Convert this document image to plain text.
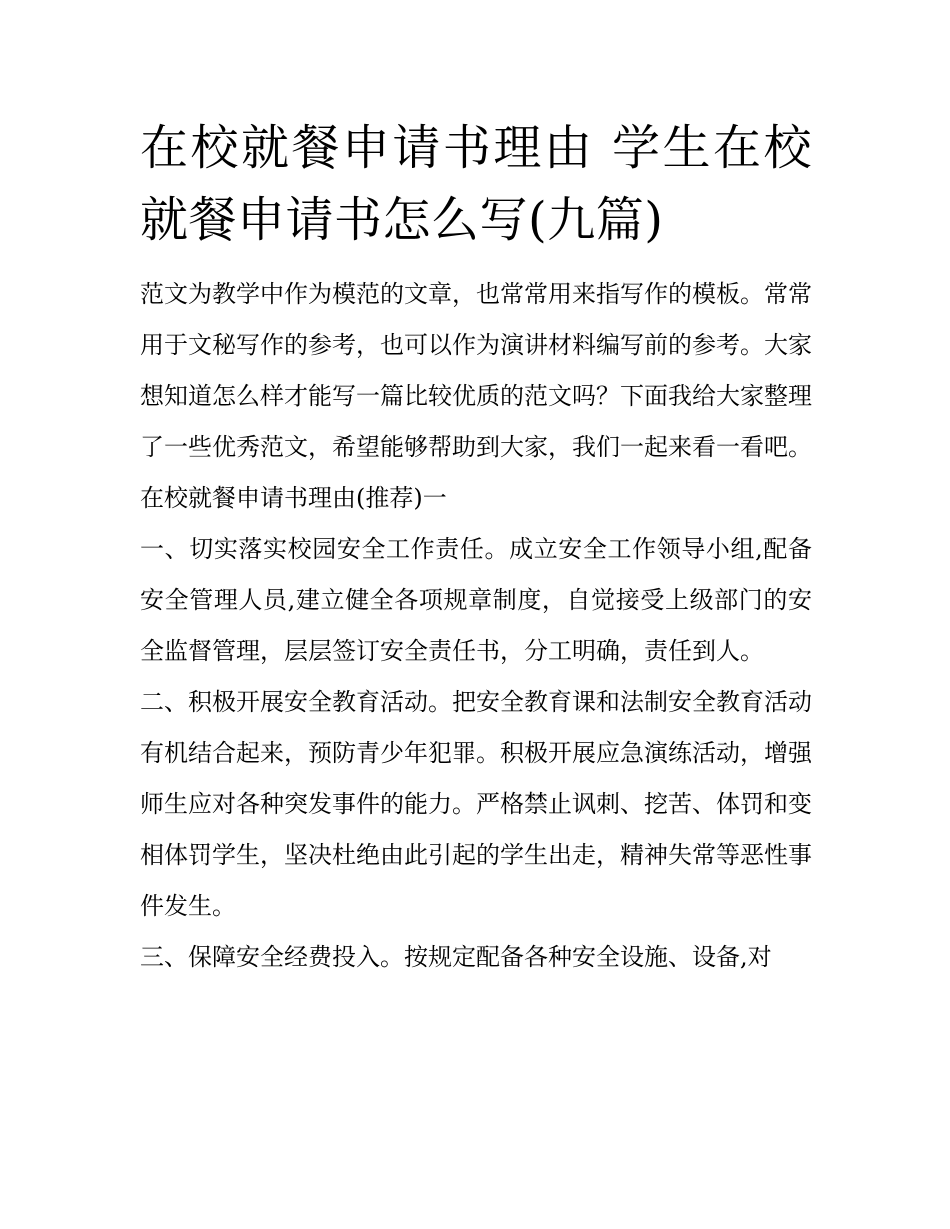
在校就餐申请书理由 学生在校就餐申请书怎么写(九篇)

范文为教学中作为模范的文章，也常常用来指写作的模板。常常用于文秘写作的参考，也可以作为演讲材料编写前的参考。大家想知道怎么样才能写一篇比较优质的范文吗？下面我给大家整理了一些优秀范文，希望能够帮助到大家，我们一起来看一看吧。

在校就餐申请书理由(推荐)一

一、切实落实校园安全工作责任。成立安全工作领导小组,配备安全管理人员,建立健全各项规章制度，自觉接受上级部门的安全监督管理，层层签订安全责任书，分工明确，责任到人。

二、积极开展安全教育活动。把安全教育课和法制安全教育活动有机结合起来，预防青少年犯罪。积极开展应急演练活动，增强师生应对各种突发事件的能力。严格禁止讽刺、挖苦、体罚和变相体罚学生，坚决杜绝由此引起的学生出走，精神失常等恶性事件发生。

三、保障安全经费投入。按规定配备各种安全设施、设备,对
